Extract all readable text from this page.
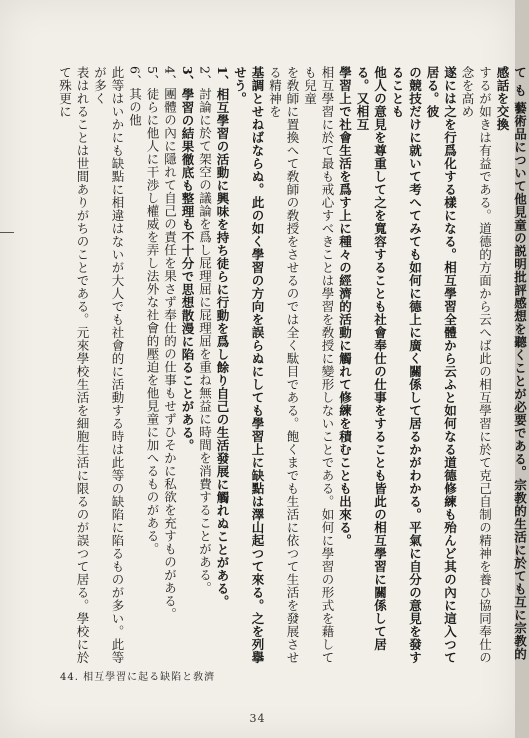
て も 藝術品について他見童の説明批評感想を聽くことが必要である。宗教的生活に於ても互に宗教的感話を交換

するが如きは有益である。道德的方面から云へば此の相互學習に於て克己自制の精神を養ひ協同奉仕の念を高め

遂には之を行爲化する樣になる。相互學習全體から云ふと如何なる道德修練も殆んど其の內に這入つて居る。彼

の競技だけに就いて考へてみても如何に德上に廣く關係して居るかがわかる。平氣に自分の意見を發することも

他人の意見を尊重して之を寬容することも社會奉仕の仕事をすることも皆此の相互學習に關係して居る。又相互

學習上で社會生活を爲す上に種々の經濟的活動に觸れて修練を積むことも出來る。

相互學習に於て最も戒心すべきことは學習を敎授に變形しないことである。如何に學習の形式を藉しても兒童

を敎師に置換へて敎師の敎授をさせるのでは全く駄目である。飽くまでも生活に依つて生活を發展させる精神を

基調とせねばならぬ。此の如く學習の方向を誤らぬにしても學習上に缺點は澤山起つて來る。之を列擧せう。

1、相互學習の活動に興味を持ち徒らに行動を爲し餘り自己の生活發展に觸れぬことがある。

2、討論に於て架空の議論を爲し屁理屈に屁理屈を重ね無益に時間を消費することがある。

3、學習の結果徹底も整理も不十分で思想散漫に陷ることがある。

4、團體の內に隱れて自己の責任を果さず奉仕的の仕事もせずひそかに私欲を充すものがある。

5、徒らに他人に干渉し權威を弄し法外な社會的壓迫を他見童に加へるものがある。

6、其の他

此等はいかにも缺點に相違はないが大人でも社會的に活動する時は此等の缺陷に陷るものが多い。此等が多く

表はれることは世間ありがちのことである。元來學校生活を細胞生活に限るのが誤つて居る。學校に於て殊更に

44. 相互學習に起る缺陷と敎濟
34
